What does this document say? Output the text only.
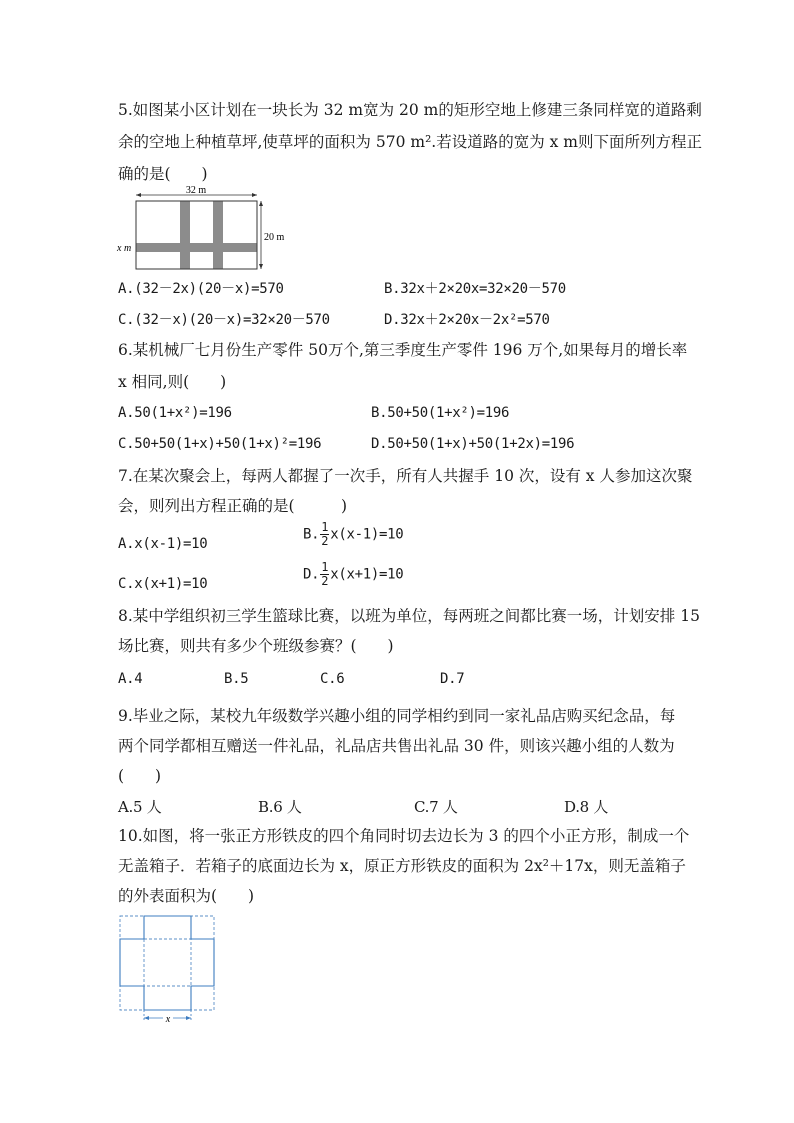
5.如图某小区计划在一块长为 32 m宽为 20 m的矩形空地上修建三条同样宽的道路剩
余的空地上种植草坪,使草坪的面积为 570 m².若设道路的宽为 x m则下面所列方程正
确的是(　　)
32 m
20 m
x m
A.(32－2x)(20－x)=570	B.32x＋2×20x=32×20－570
C.(32－x)(20－x)=32×20－570	D.32x＋2×20x－2x²=570
6.某机械厂七月份生产零件 50万个,第三季度生产零件 196 万个,如果每月的增长率
x 相同,则(　　)
A.50(1+x²)=196	B.50+50(1+x²)=196
C.50+50(1+x)+50(1+x)²=196	D.50+50(1+x)+50(1+2x)=196
7.在某次聚会上，每两人都握了一次手，所有人共握手 10 次，设有 x 人参加这次聚
会，则列出方程正确的是(　　　)
A.x(x-1)=10
B. $\frac{1}{2} x(x-1)=10$
C.x(x+1)=10
D. $\frac{1}{2} x(x+1)=10$
8.某中学组织初三学生篮球比赛，以班为单位，每两班之间都比赛一场，计划安排 15
场比赛，则共有多少个班级参赛？(　　)
A.4	B.5	C.6	D.7
9.毕业之际，某校九年级数学兴趣小组的同学相约到同一家礼品店购买纪念品，每
两个同学都相互赠送一件礼品，礼品店共售出礼品 30 件，则该兴趣小组的人数为
(　　)
A.5 人	B.6 人	C.7 人	D.8 人
10.如图，将一张正方形铁皮的四个角同时切去边长为 3 的四个小正方形，制成一个
无盖箱子．若箱子的底面边长为 x，原正方形铁皮的面积为 2x²＋17x，则无盖箱子
的外表面积为(　　)
x
